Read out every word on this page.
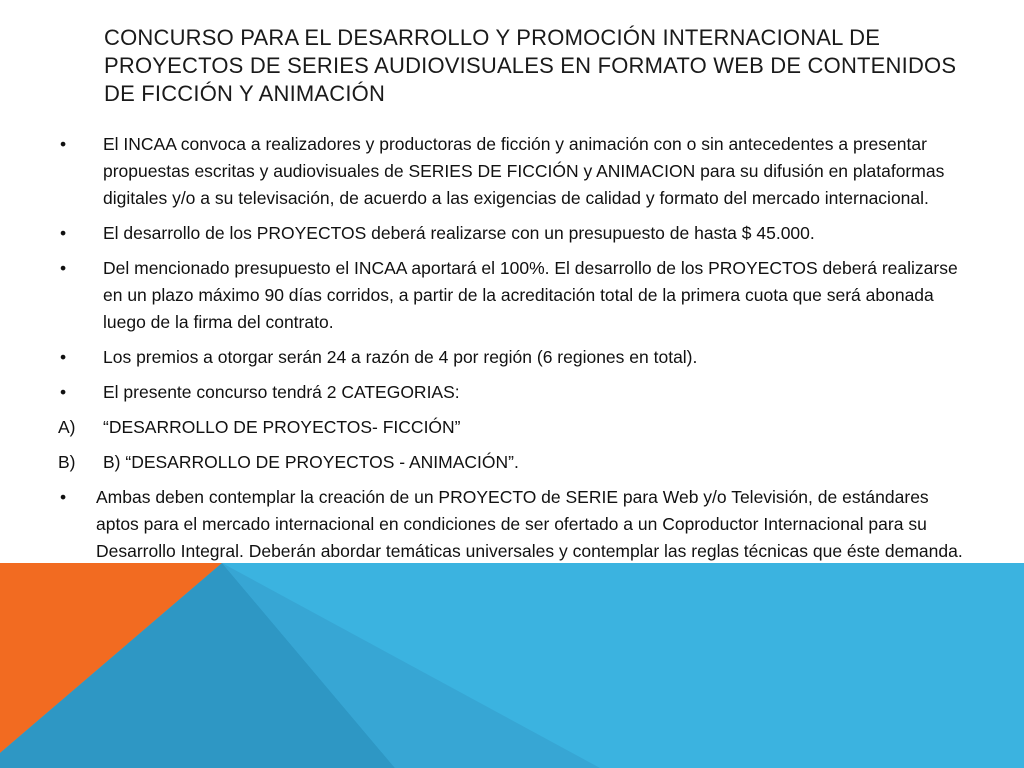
CONCURSO PARA EL DESARROLLO Y PROMOCIÓN INTERNACIONAL DE PROYECTOS DE SERIES AUDIOVISUALES EN FORMATO WEB DE CONTENIDOS DE FICCIÓN Y ANIMACIÓN
• El INCAA convoca a realizadores y productoras de ficción y animación con o sin antecedentes a presentar propuestas escritas y audiovisuales de SERIES DE FICCIÓN y ANIMACION para su difusión en plataformas digitales y/o a su televisación, de acuerdo a las exigencias de calidad y formato del mercado internacional.
• El desarrollo de los PROYECTOS deberá realizarse con un presupuesto de hasta $ 45.000.
• Del mencionado presupuesto el INCAA aportará el 100%. El desarrollo de los PROYECTOS deberá realizarse en un plazo máximo 90 días corridos, a partir de la acreditación total de la primera cuota que será abonada luego de la firma del contrato.
• Los premios a otorgar serán 24 a razón de 4 por región (6 regiones en total).
• El presente concurso tendrá 2 CATEGORIAS:
A) “DESARROLLO DE PROYECTOS- FICCIÓN”
B) B) “DESARROLLO DE PROYECTOS - ANIMACIÓN”.
• Ambas deben contemplar la creación de un PROYECTO de SERIE para Web y/o Televisión, de estándares aptos para el mercado internacional en condiciones de ser ofertado a un Coproductor Internacional para su Desarrollo Integral. Deberán abordar temáticas universales y contemplar las reglas técnicas que éste demanda.
